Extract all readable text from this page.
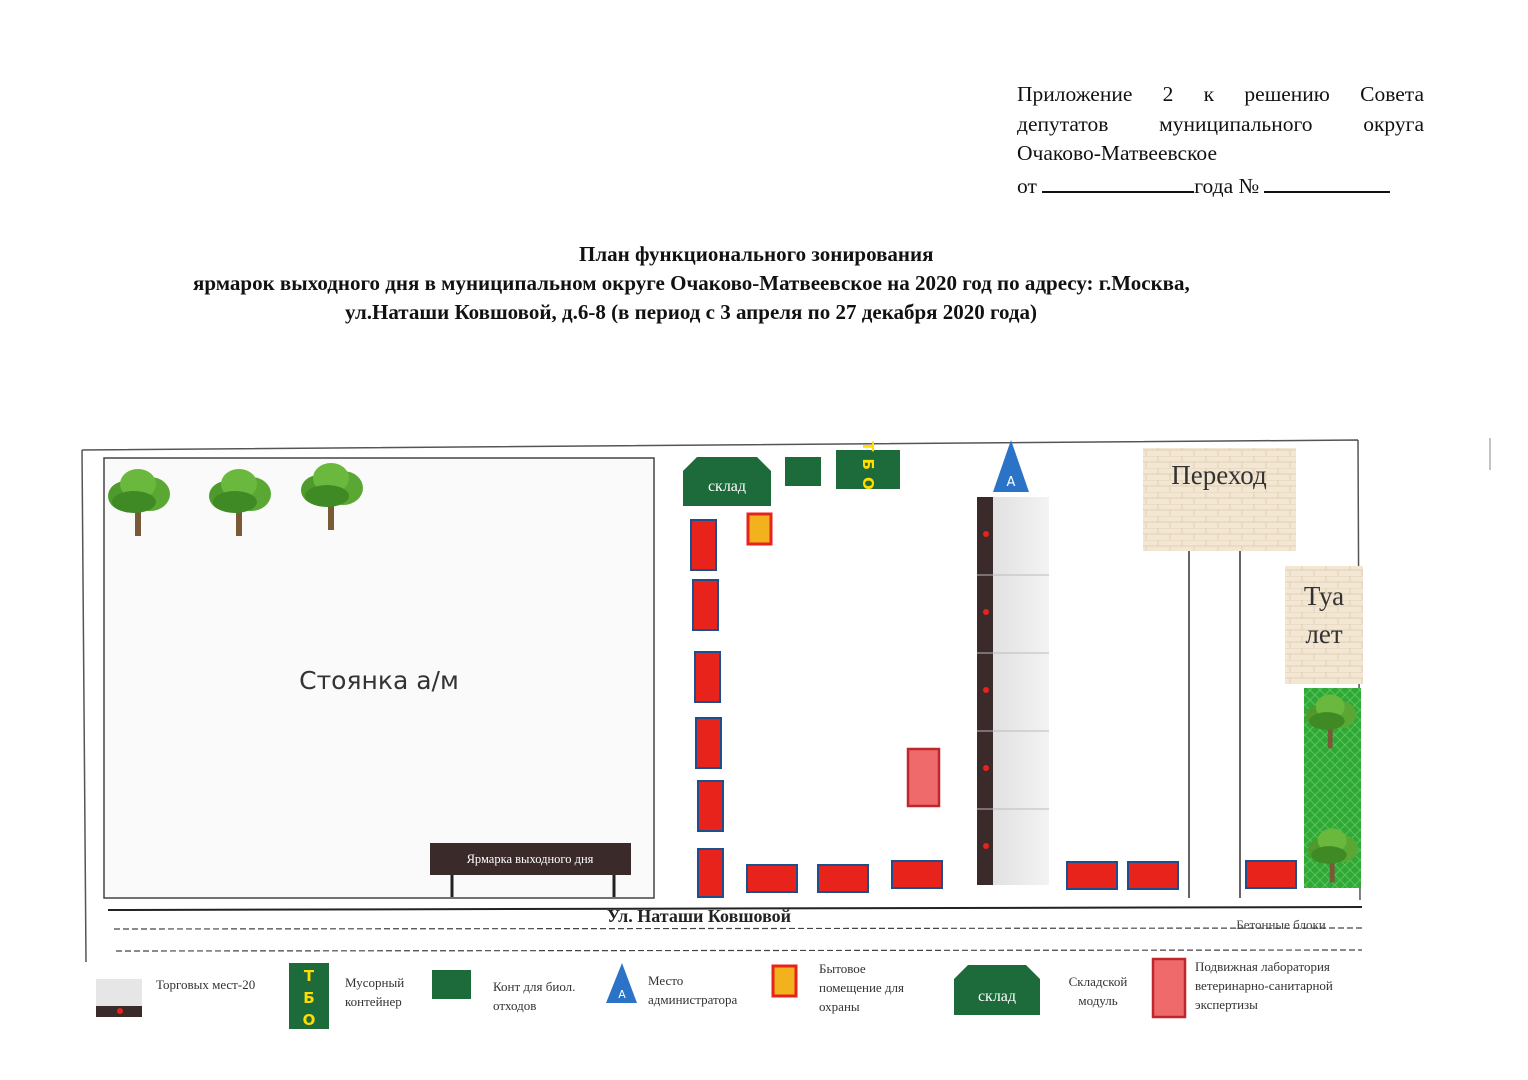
Приложение 2 к решению Совета
депутатов муниципального округа
Очаково-Матвеевское
от	года №
План функционального зонирования
ярмарок выходного дня в муниципальном округе Очаково-Матвеевское на 2020 год по адресу: г.Москва,
ул.Наташи Ковшовой, д.6-8 (в период с 3 апреля по 27 декабря 2020 года)
Стоянка а/м
Ярмарка выходного дня
склад	ТБО	А	Переход
Туа
лет
Ул. Наташи Ковшовой	Бетонные блоки
Т Б О
А	склад
Торговых мест-20	Мусорный контейнер
Конт для биол. отходов
Место администратора
Бытовое помещение для охраны
Складской модуль
Подвижная лаборатория ветеринарно-санитарной экспертизы
